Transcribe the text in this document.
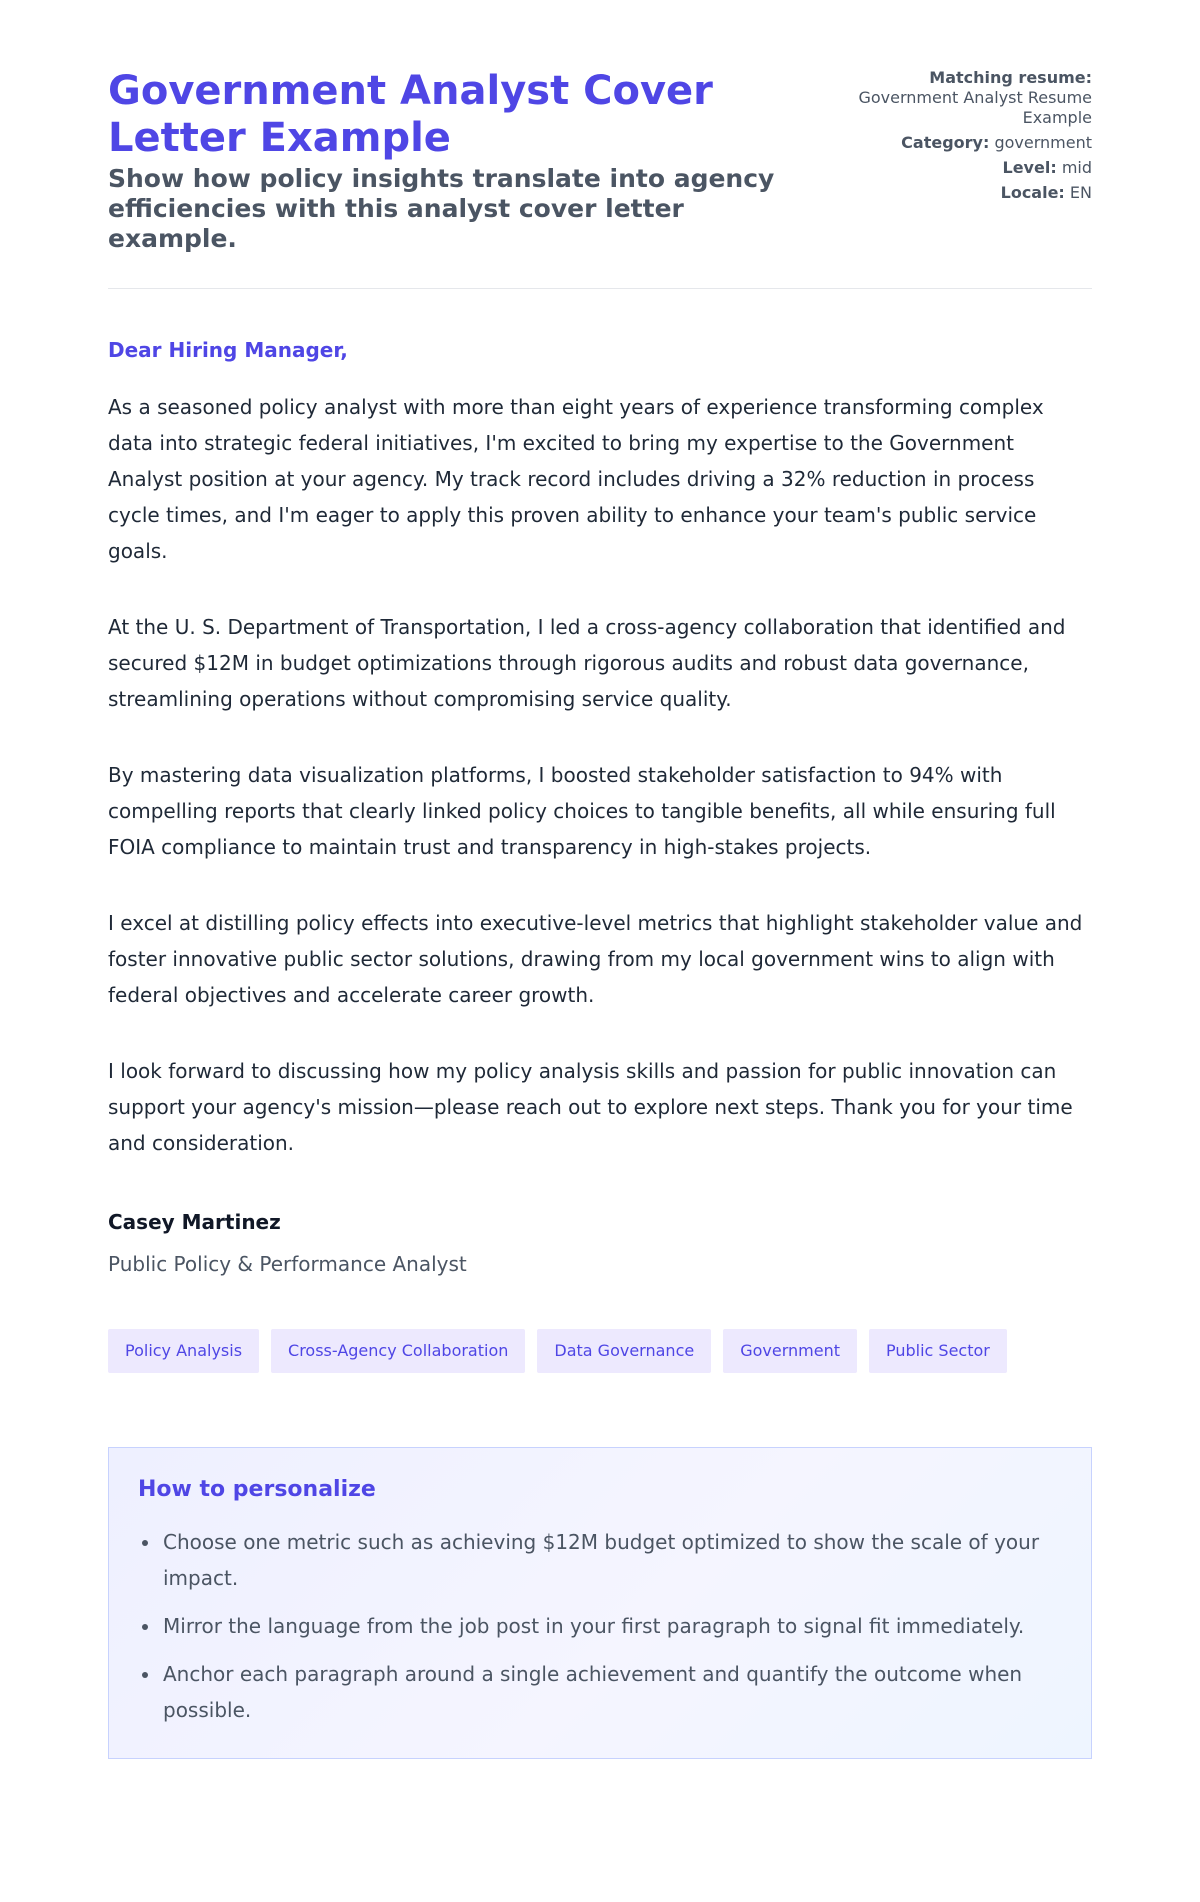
Government Analyst Cover Letter Example
Show how policy insights translate into agency efficiencies with this analyst cover letter example.
Matching resume:
Government Analyst Resume Example
Category: government
Level: mid
Locale: EN

Dear Hiring Manager,

As a seasoned policy analyst with more than eight years of experience transforming complex data into strategic federal initiatives, I'm excited to bring my expertise to the Government Analyst position at your agency. My track record includes driving a 32% reduction in process cycle times, and I'm eager to apply this proven ability to enhance your team's public service goals.

At the U. S. Department of Transportation, I led a cross-agency collaboration that identified and secured $12M in budget optimizations through rigorous audits and robust data governance, streamlining operations without compromising service quality.

By mastering data visualization platforms, I boosted stakeholder satisfaction to 94% with compelling reports that clearly linked policy choices to tangible benefits, all while ensuring full FOIA compliance to maintain trust and transparency in high-stakes projects.

I excel at distilling policy effects into executive-level metrics that highlight stakeholder value and foster innovative public sector solutions, drawing from my local government wins to align with federal objectives and accelerate career growth.

I look forward to discussing how my policy analysis skills and passion for public innovation can support your agency's mission—please reach out to explore next steps. Thank you for your time and consideration.

Casey Martinez

Public Policy & Performance Analyst

Policy Analysis	Cross-Agency Collaboration	Data Governance	Government	Public Sector
How to personalize
Choose one metric such as achieving $12M budget optimized to show the scale of your impact.
Mirror the language from the job post in your first paragraph to signal fit immediately.
Anchor each paragraph around a single achievement and quantify the outcome when possible.
